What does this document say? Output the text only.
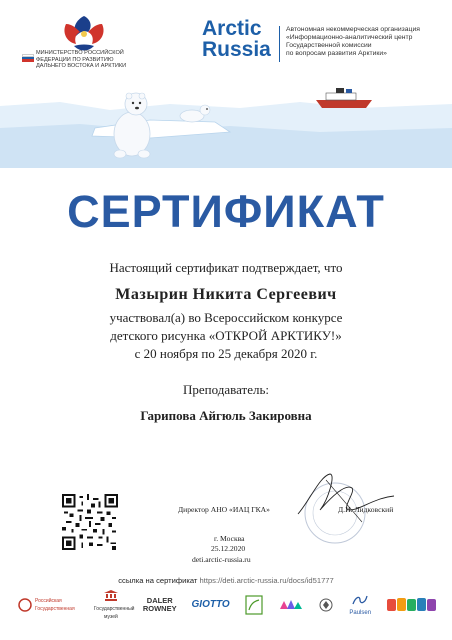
МИНИСТЕРСТВО РОССИЙСКОЙ
ФЕДЕРАЦИИ ПО РАЗВИТИЮ
ДАЛЬНЕГО ВОСТОКА И АРКТИКИ
Arctic
Russia
Автономная некоммерческая организация
«Информационно-аналитический центр
Государственной комиссии
по вопросам развития Арктики»
СЕРТИФИКАТ
Настоящий сертификат подтверждает, что
Мазырин Никита Сергеевич
участвовал(а) во Всероссийском конкурсе
детского рисунка «ОТКРОЙ АРКТИКУ!»
с 20 ноября по 25 декабря 2020 г.
Преподаватель:
Гарипова Айгюль Закировна
Директор АНО «ИАЦ ГКА»	Д.И. Лидковский
г. Москва
25.12.2020
deti.arctic-russia.ru
ссылка на сертификат https://deti.arctic-russia.ru/docs/id51777
Российская Государственная	Государственный музей
DALER
ROWNEY GIOTTO
Paulsen
